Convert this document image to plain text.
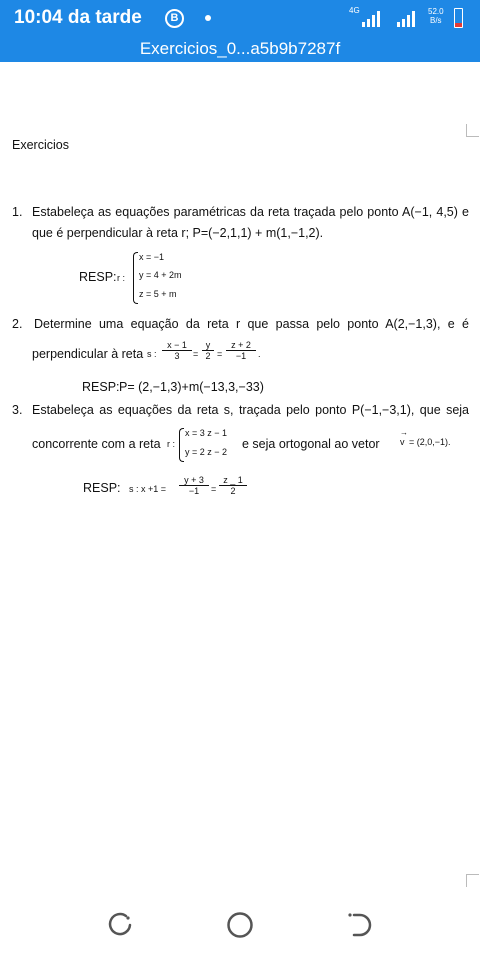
10:04 da tarde	B
4G	52.0
B/s
Exercicios_0...a5b9b7287f
Exercicios
1. Estabeleça as equações paramétricas da reta traçada pelo ponto A(−1, 4,5) e
que é perpendicular à reta r; P=(−2,1,1) + m(1,−1,2).
RESP: r :
x = −1
y = 4 + 2m
z = 5 + m
2. Determine uma equação da reta r que passa pelo ponto A(2,−1,3), e é
perpendicular à reta s : $\frac{x - 1}{3} = \frac{y}{2} = \frac{z + 2}{-1}$ .
RESP: P= (2,−1,3)+m(−13,3,−33)
3. Estabeleça as equações da reta s, traçada pelo ponto P(−1,−3,1), que seja
concorrente com a reta r :
x = 3 z − 1
y = 2 z − 2
e seja ortogonal ao vetor
→
v = (2,0,−1).
RESP: s : $x +1 = \frac{y + 3}{-1} = \frac{z \_ 1}{2}$
